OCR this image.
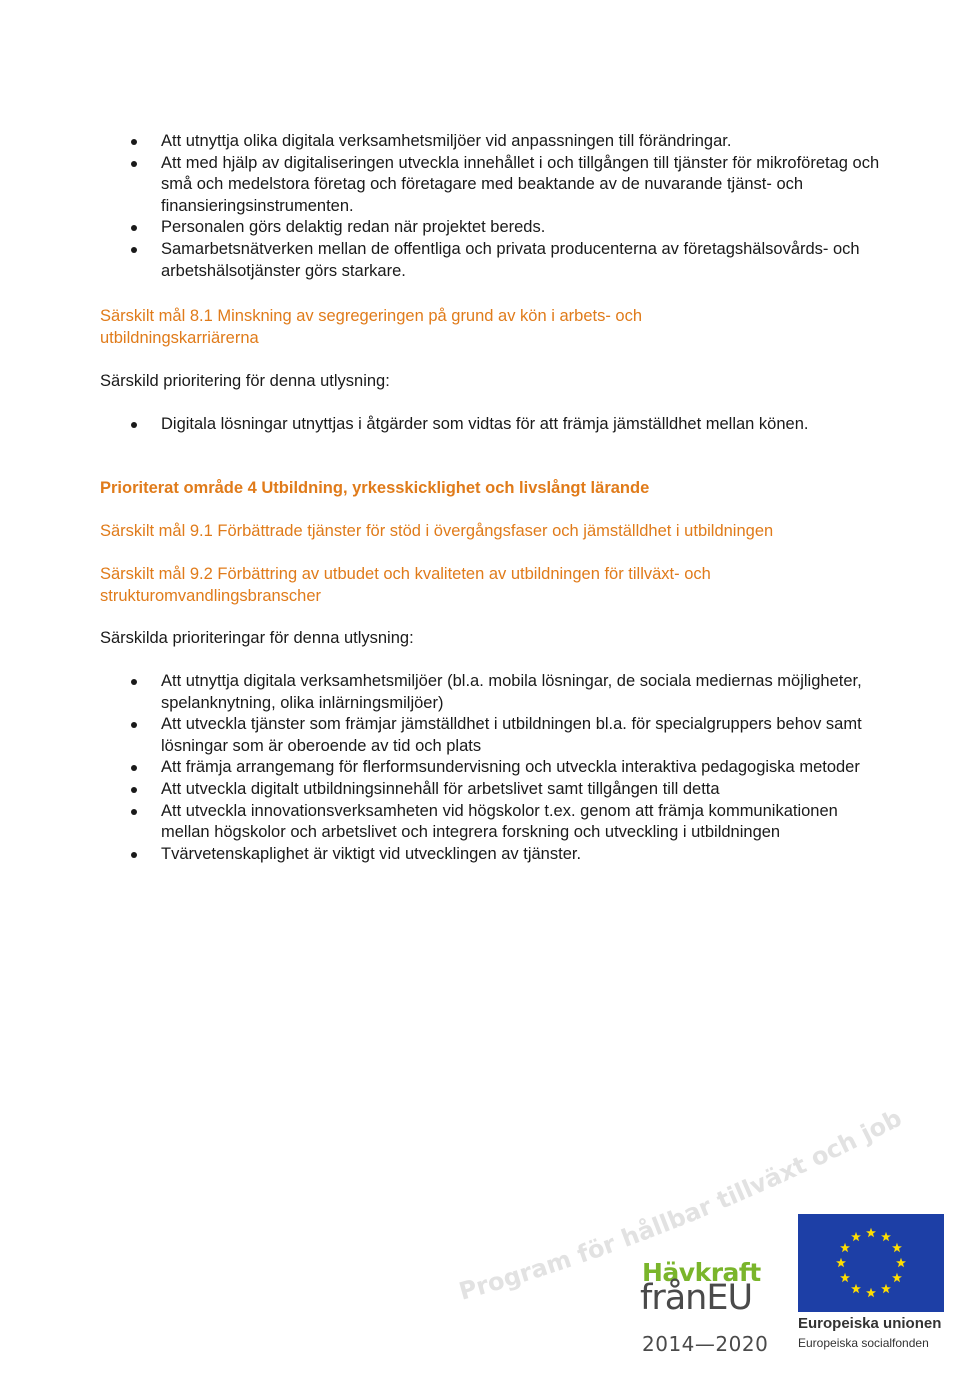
Att utnyttja olika digitala verksamhetsmiljöer vid anpassningen till förändringar.
Att med hjälp av digitaliseringen utveckla innehållet i och tillgången till tjänster för mikroföretag och små och medelstora företag och företagare med beaktande av de nuvarande tjänst- och finansieringsinstrumenten.
Personalen görs delaktig redan när projektet bereds.
Samarbetsnätverken mellan de offentliga och privata producenterna av företagshälsovårds- och arbetshälsotjänster görs starkare.
Särskilt mål 8.1 Minskning av segregeringen på grund av kön i arbets- och utbildningskarriärerna
Särskild prioritering för denna utlysning:
Digitala lösningar utnyttjas i åtgärder som vidtas för att främja jämställdhet mellan könen.
Prioriterat område 4 Utbildning, yrkesskicklighet och livslångt lärande
Särskilt mål 9.1 Förbättrade tjänster för stöd i övergångsfaser och jämställdhet i utbildningen
Särskilt mål 9.2 Förbättring av utbudet och kvaliteten av utbildningen för tillväxt- och strukturomvandlingsbranscher
Särskilda prioriteringar för denna utlysning:
Att utnyttja digitala verksamhetsmiljöer (bl.a. mobila lösningar, de sociala mediernas möjligheter, spelanknytning, olika inlärningsmiljöer)
Att utveckla tjänster som främjar jämställdhet i utbildningen bl.a. för specialgruppers behov samt lösningar som är oberoende av tid och plats
Att främja arrangemang för flerformsundervisning och utveckla interaktiva pedagogiska metoder
Att utveckla digitalt utbildningsinnehåll för arbetslivet samt tillgången till detta
Att utveckla innovationsverksamheten vid högskolor t.ex. genom att främja kommunikationen mellan högskolor och arbetslivet och integrera forskning och utveckling i utbildningen
Tvärvetenskaplighet är viktigt vid utvecklingen av tjänster.
Program för hållbar tillväxt och jobb
Hävkraft
frånEU
2014—2020
Europeiska unionen
Europeiska socialfonden
